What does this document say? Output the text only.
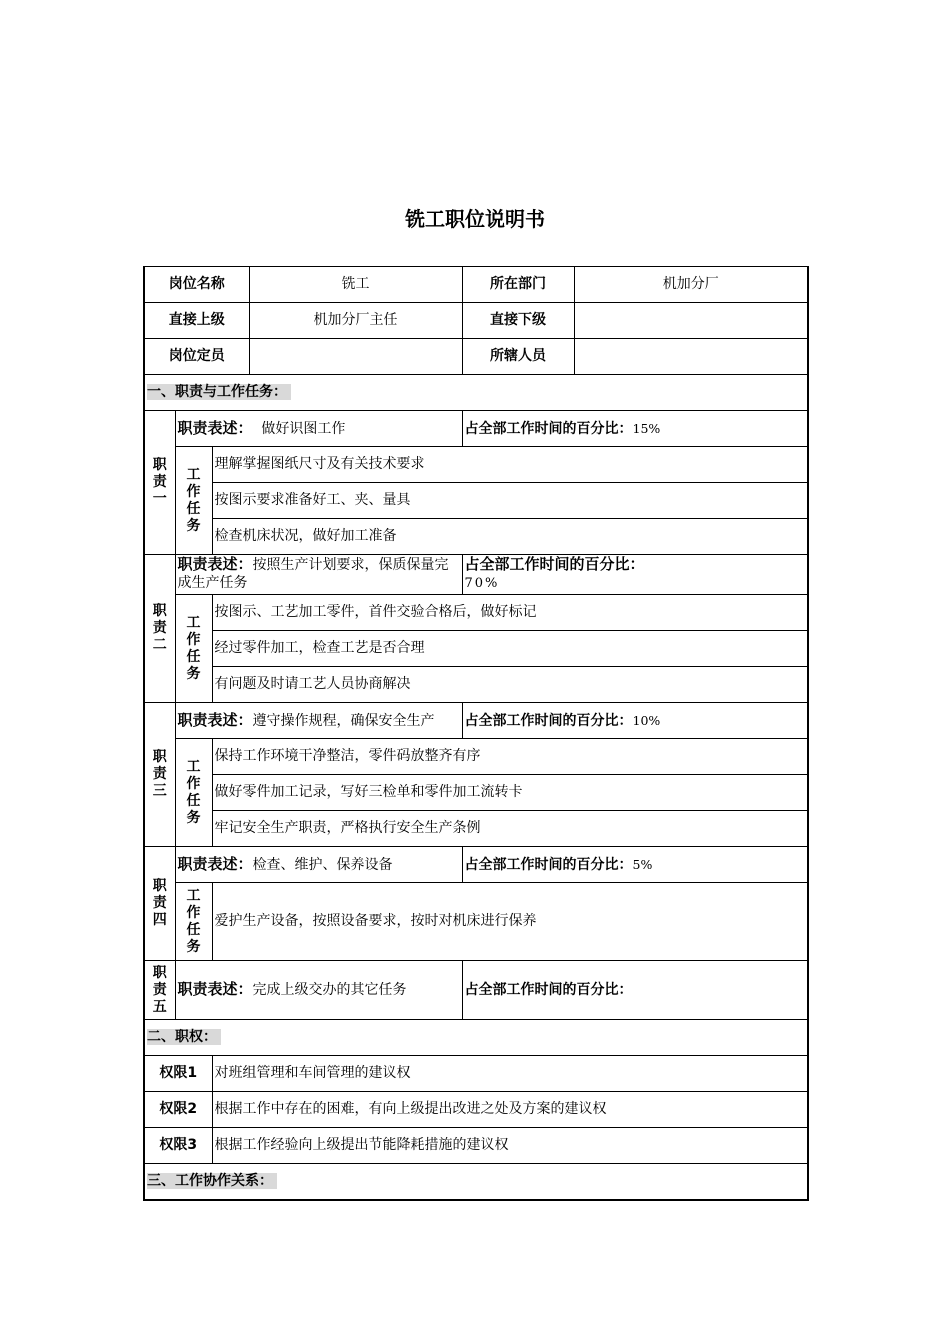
铣工职位说明书
岗位名称			铣工	所在部门	机加分厂
直接上级			机加分厂主任	直接下级	
岗位定员				所辖人员	
一、职责与工作任务：					

职
责
一	职责表述： 做好识图工作			占全部工作时间的百分比：15%	

	工
作
任
务	理解掌握图纸尺寸及有关技术要求			
		按图示要求准备好工、夹、量具			
		检查机床状况，做好加工准备			

职
责
二	职责表述：按照生产计划要求，保质保量完成生产任务			占全部工作时间的百分比：
70%	

	工
作
任
务	按图示、工艺加工零件，首件交验合格后，做好标记			
		经过零件加工，检查工艺是否合理			
		有问题及时请工艺人员协商解决			

职
责
三	职责表述：遵守操作规程，确保安全生产			占全部工作时间的百分比：10%	

	工
作
任
务	保持工作环境干净整洁，零件码放整齐有序			
		做好零件加工记录，写好三检单和零件加工流转卡			
		牢记安全生产职责，严格执行安全生产条例			

职
责
四	职责表述：检查、维护、保养设备			占全部工作时间的百分比：5%	

	工
作
任
务	爱护生产设备，按照设备要求，按时对机床进行保养			

职
责
五	职责表述：完成上级交办的其它任务			占全部工作时间的百分比：	
二、职权：					
权限1		对班组管理和车间管理的建议权			
权限2		根据工作中存在的困难，有向上级提出改进之处及方案的建议权			
权限3		根据工作经验向上级提出节能降耗措施的建议权			
三、工作协作关系：					
